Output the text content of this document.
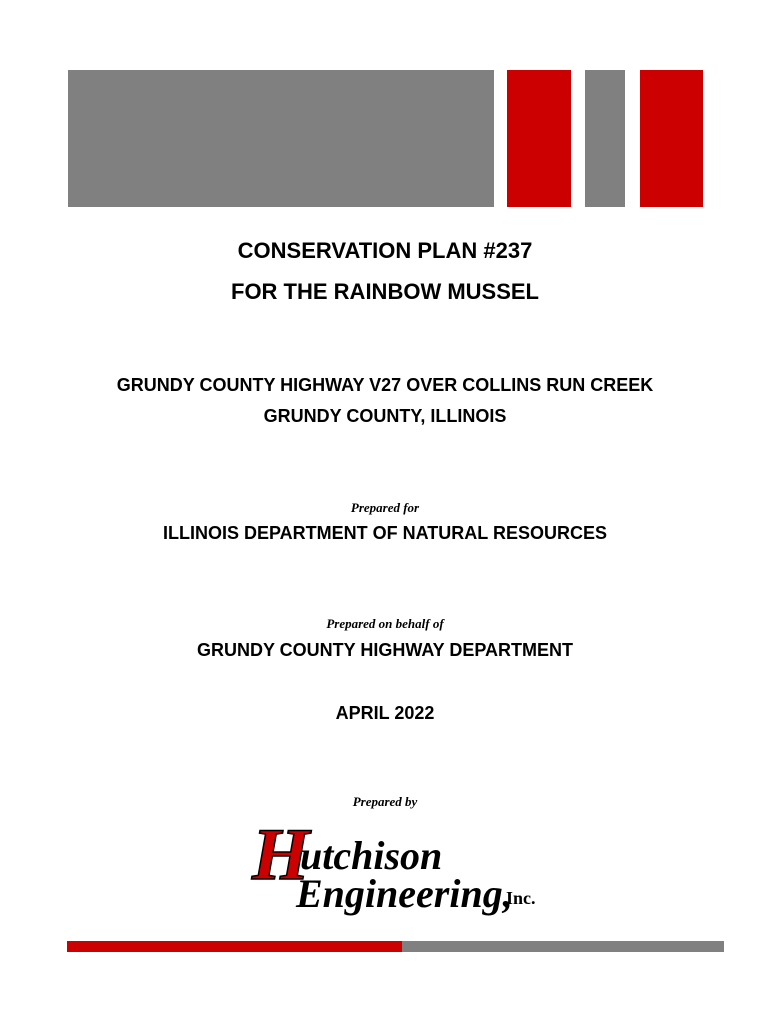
CONSERVATION PLAN #237
FOR THE RAINBOW MUSSEL
GRUNDY COUNTY HIGHWAY V27 OVER COLLINS RUN CREEK
GRUNDY COUNTY, ILLINOIS
Prepared for
ILLINOIS DEPARTMENT OF NATURAL RESOURCES
Prepared on behalf of
GRUNDY COUNTY HIGHWAY DEPARTMENT
APRIL 2022
Prepared by
H
utchison
Engineering,
Inc.
